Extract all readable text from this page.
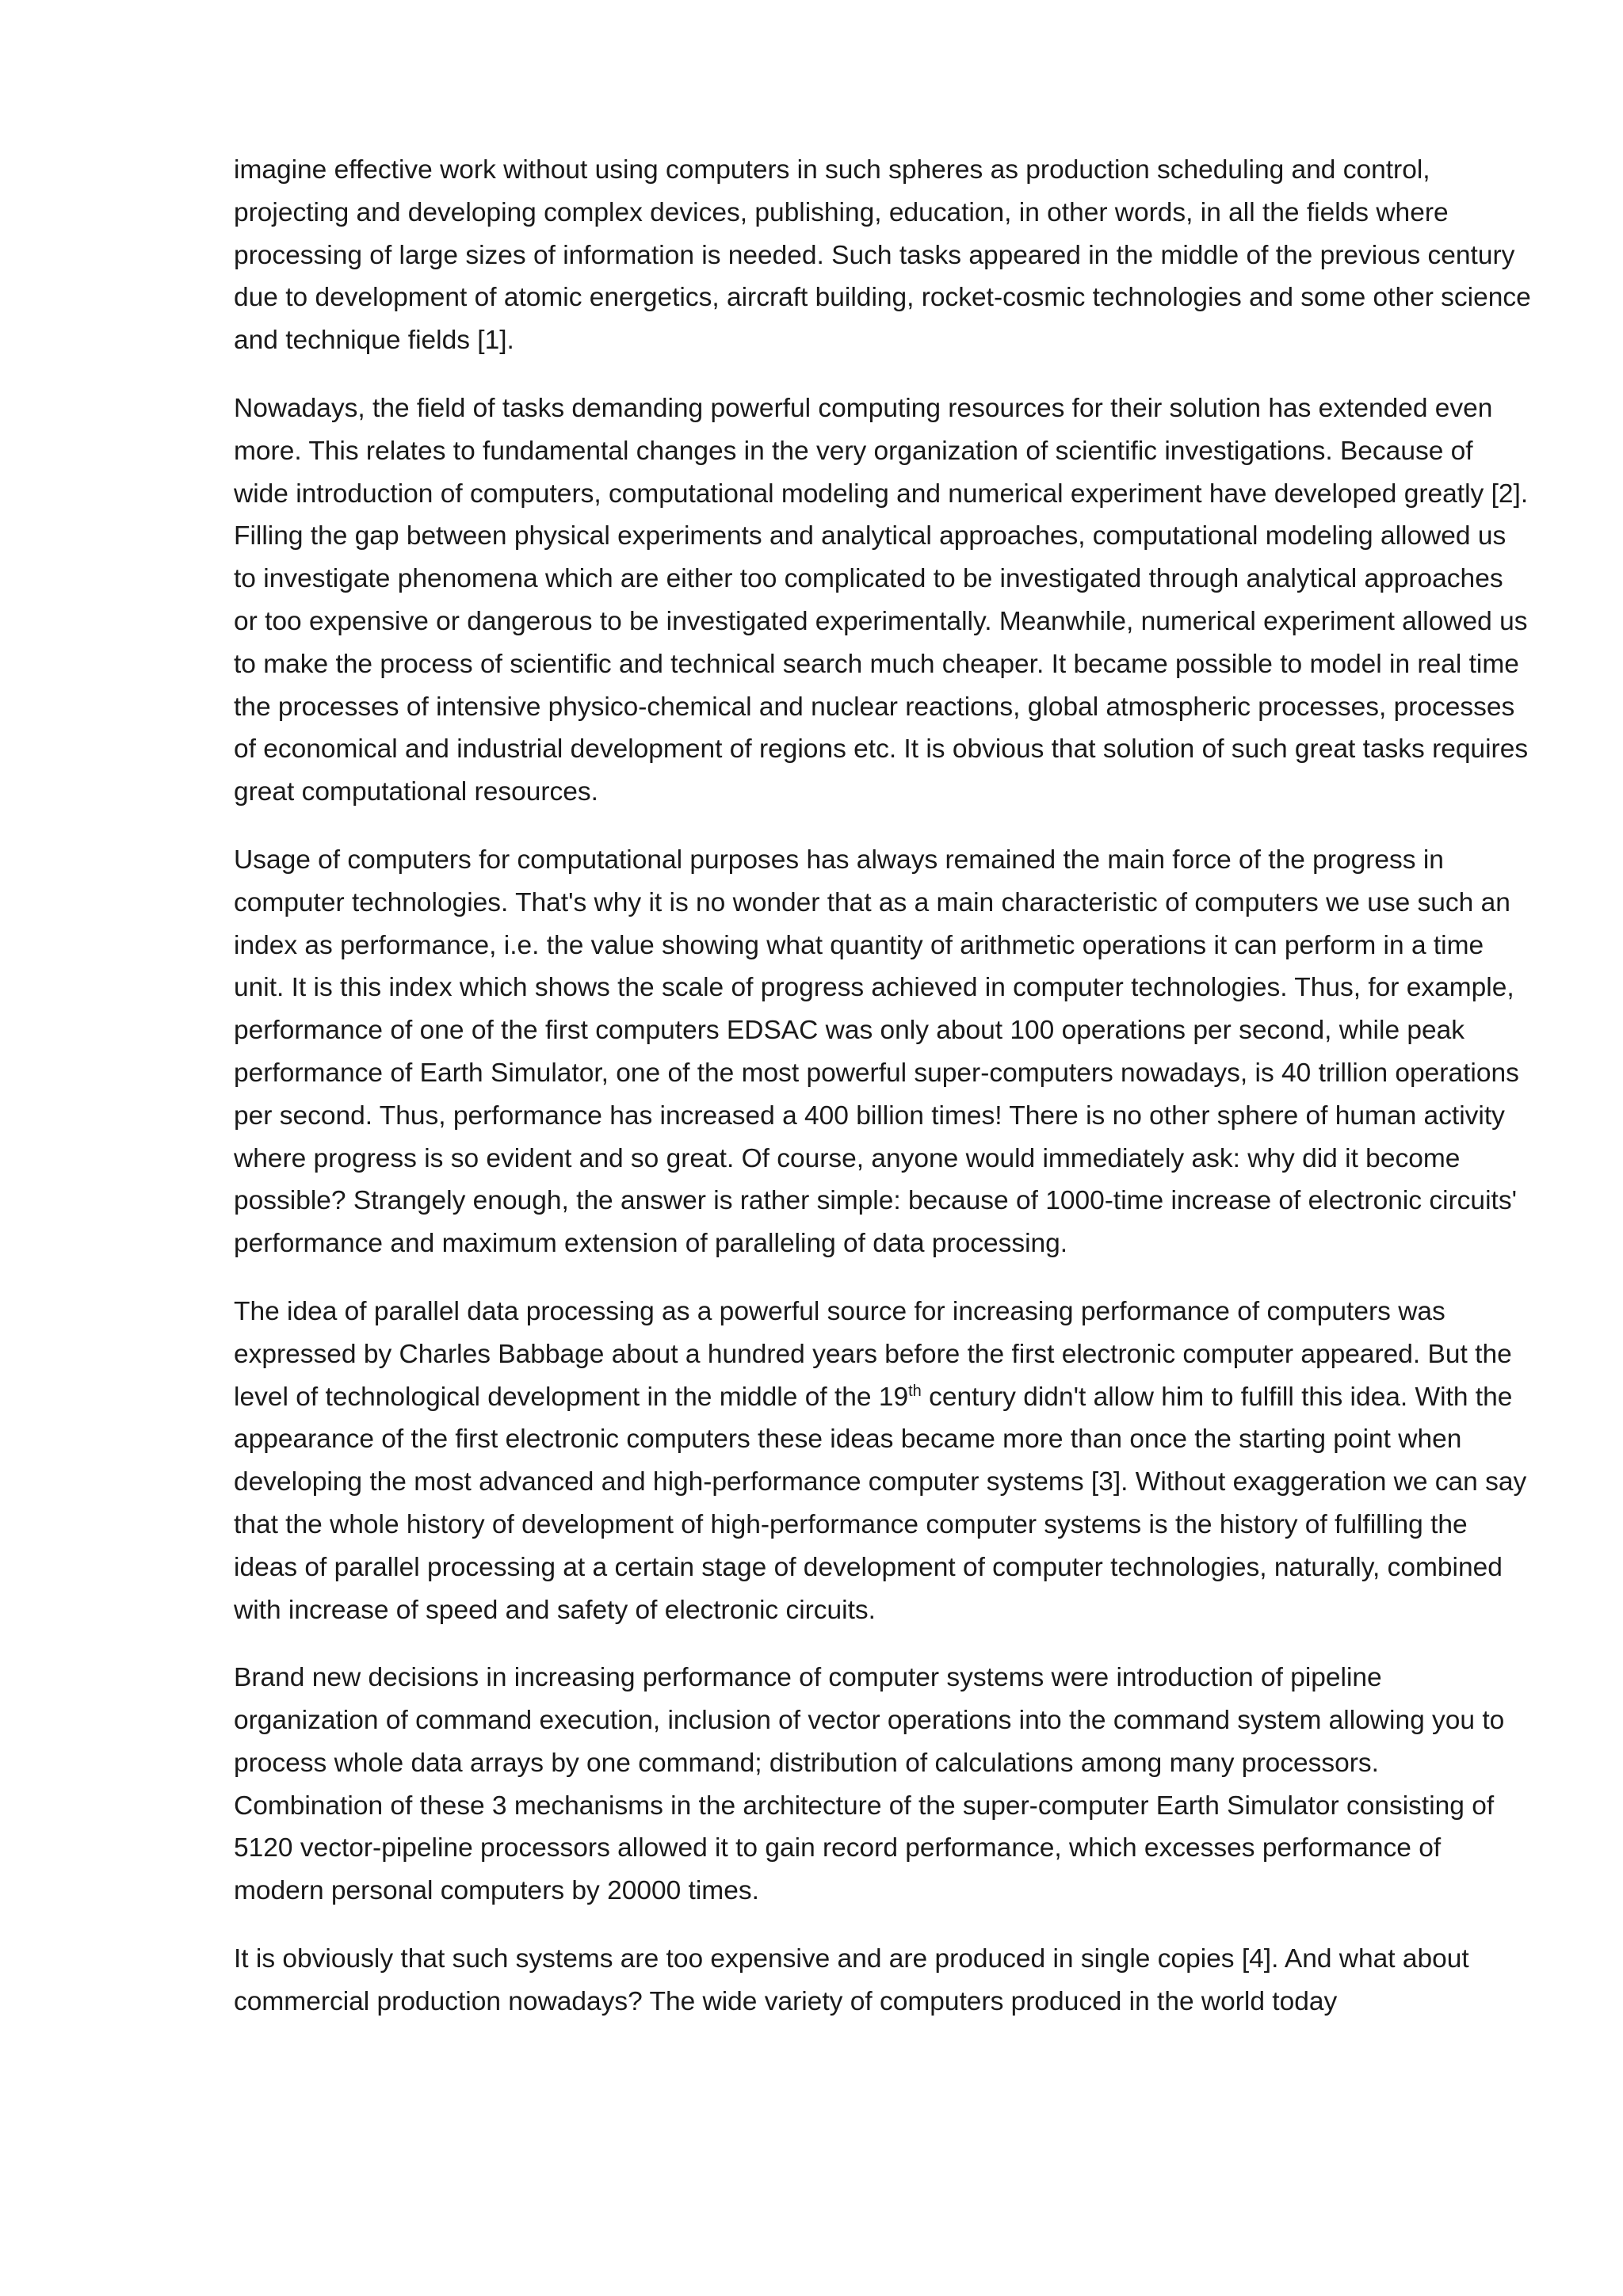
imagine effective work without using computers in such spheres as production scheduling and control, projecting and developing complex devices, publishing, education, in other words, in all the fields where processing of large sizes of information is needed. Such tasks appeared in the middle of the previous century due to development of atomic energetics, aircraft building, rocket-cosmic technologies and some other science and technique fields [1].

Nowadays, the field of tasks demanding powerful computing resources for their solution has extended even more. This relates to fundamental changes in the very organization of scientific investigations. Because of wide introduction of computers, computational modeling and numerical experiment have developed greatly [2]. Filling the gap between physical experiments and analytical approaches, computational modeling allowed us to investigate phenomena which are either too complicated to be investigated through analytical approaches or too expensive or dangerous to be investigated experimentally. Meanwhile, numerical experiment allowed us to make the process of scientific and technical search much cheaper. It became possible to model in real time the processes of intensive physico-chemical and nuclear reactions, global atmospheric processes, processes of economical and industrial development of regions etc. It is obvious that solution of such great tasks requires great computational resources.

Usage of computers for computational purposes has always remained the main force of the progress in computer technologies. That's why it is no wonder that as a main characteristic of computers we use such an index as performance, i.e. the value showing what quantity of arithmetic operations it can perform in a time unit. It is this index which shows the scale of progress achieved in computer technologies. Thus, for example, performance of one of the first computers EDSAC was only about 100 operations per second, while peak performance of Earth Simulator, one of the most powerful super-computers nowadays, is 40 trillion operations per second. Thus, performance has increased a 400 billion times! There is no other sphere of human activity where progress is so evident and so great. Of course, anyone would immediately ask: why did it become possible? Strangely enough, the answer is rather simple: because of 1000-time increase of electronic circuits' performance and maximum extension of paralleling of data processing.

The idea of parallel data processing as a powerful source for increasing performance of computers was expressed by Charles Babbage about a hundred years before the first electronic computer appeared. But the level of technological development in the middle of the 19th century didn't allow him to fulfill this idea. With the appearance of the first electronic computers these ideas became more than once the starting point when developing the most advanced and high-performance computer systems [3]. Without exaggeration we can say that the whole history of development of high-performance computer systems is the history of fulfilling the ideas of parallel processing at a certain stage of development of computer technologies, naturally, combined with increase of speed and safety of electronic circuits.

Brand new decisions in increasing performance of computer systems were introduction of pipeline organization of command execution, inclusion of vector operations into the command system allowing you to process whole data arrays by one command; distribution of calculations among many processors. Combination of these 3 mechanisms in the architecture of the super-computer Earth Simulator consisting of 5120 vector-pipeline processors allowed it to gain record performance, which excesses performance of modern personal computers by 20000 times.

It is obviously that such systems are too expensive and are produced in single copies [4]. And what about commercial production nowadays? The wide variety of computers produced in the world today
